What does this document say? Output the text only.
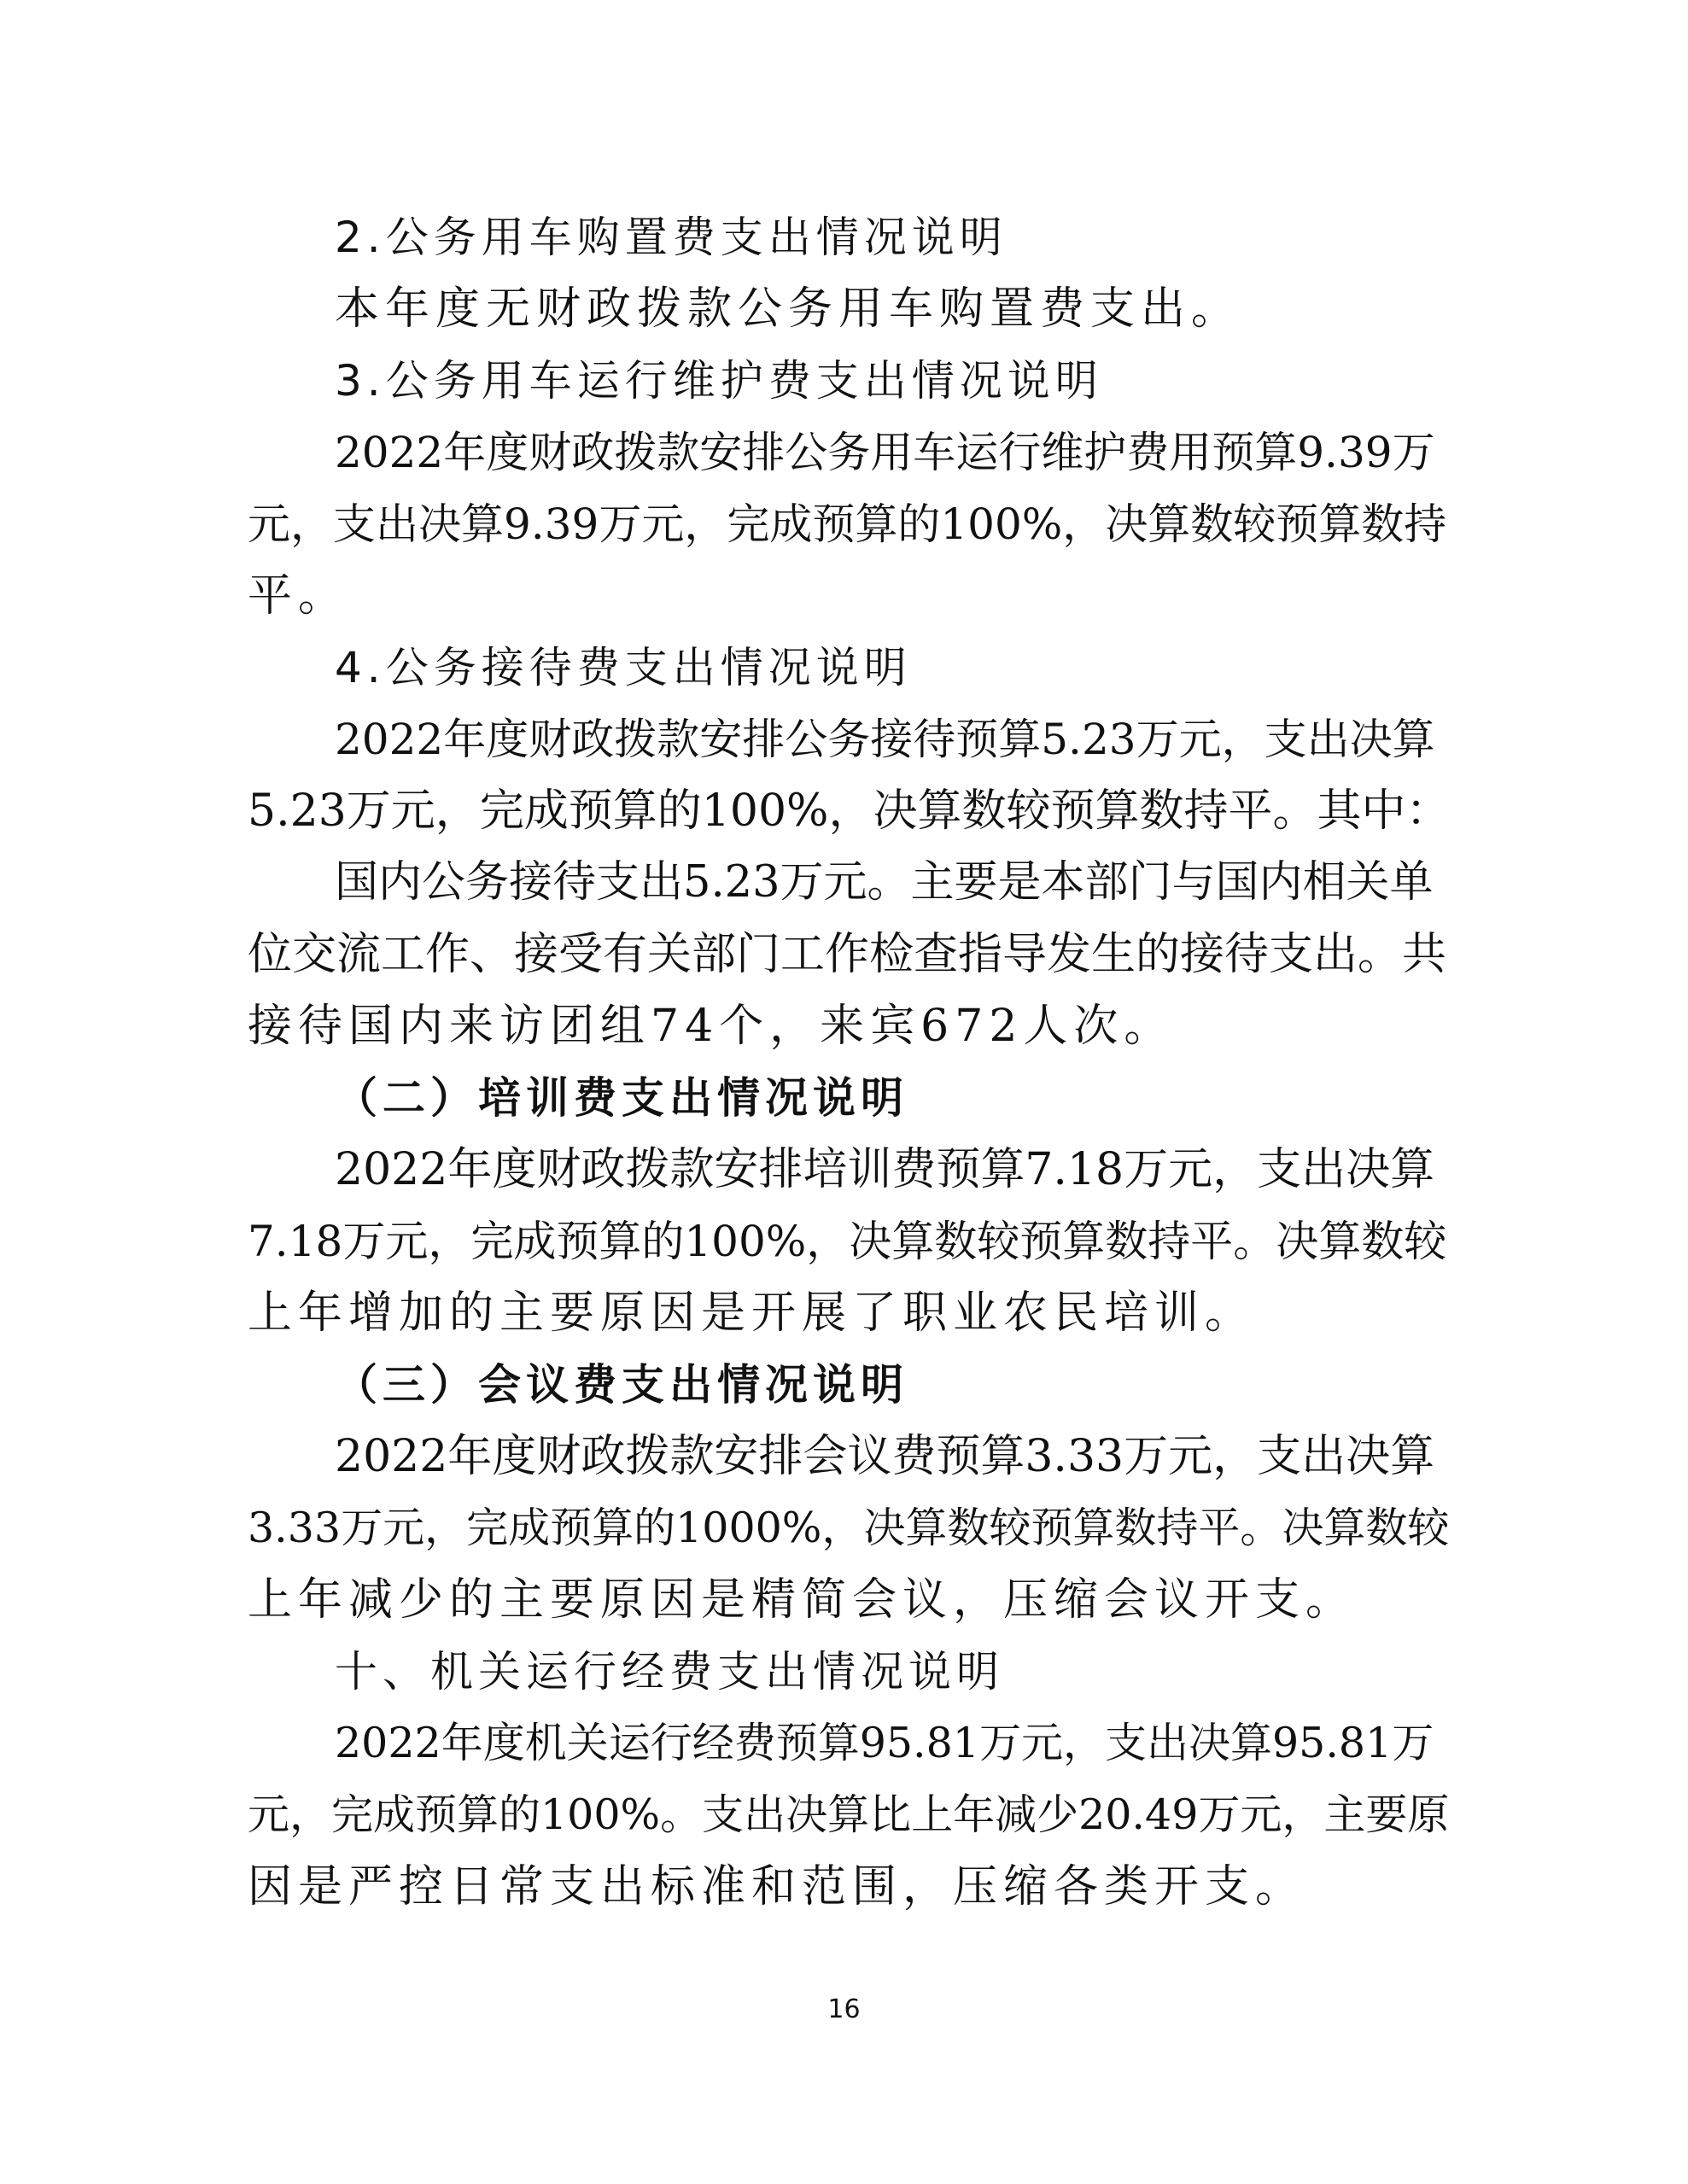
2.公务用车购置费支出情况说明
本年度无财政拨款公务用车购置费支出。
3.公务用车运行维护费支出情况说明
2022年度财政拨款安排公务用车运行维护费用预算9.39万
元，支出决算9.39万元，完成预算的100%，决算数较预算数持
平。
4.公务接待费支出情况说明
2022年度财政拨款安排公务接待预算5.23万元，支出决算
5.23万元，完成预算的100%，决算数较预算数持平。其中：
国内公务接待支出5.23万元。主要是本部门与国内相关单
位交流工作、接受有关部门工作检查指导发生的接待支出。共
接待国内来访团组74个，来宾672人次。
（二）培训费支出情况说明
2022年度财政拨款安排培训费预算7.18万元，支出决算
7.18万元，完成预算的100%，决算数较预算数持平。决算数较
上年增加的主要原因是开展了职业农民培训。
（三）会议费支出情况说明
2022年度财政拨款安排会议费预算3.33万元，支出决算
3.33万元，完成预算的1000%，决算数较预算数持平。决算数较
上年减少的主要原因是精简会议，压缩会议开支。
十、机关运行经费支出情况说明
2022年度机关运行经费预算95.81万元，支出决算95.81万
元，完成预算的100%。支出决算比上年减少20.49万元，主要原
因是严控日常支出标准和范围，压缩各类开支。
16
